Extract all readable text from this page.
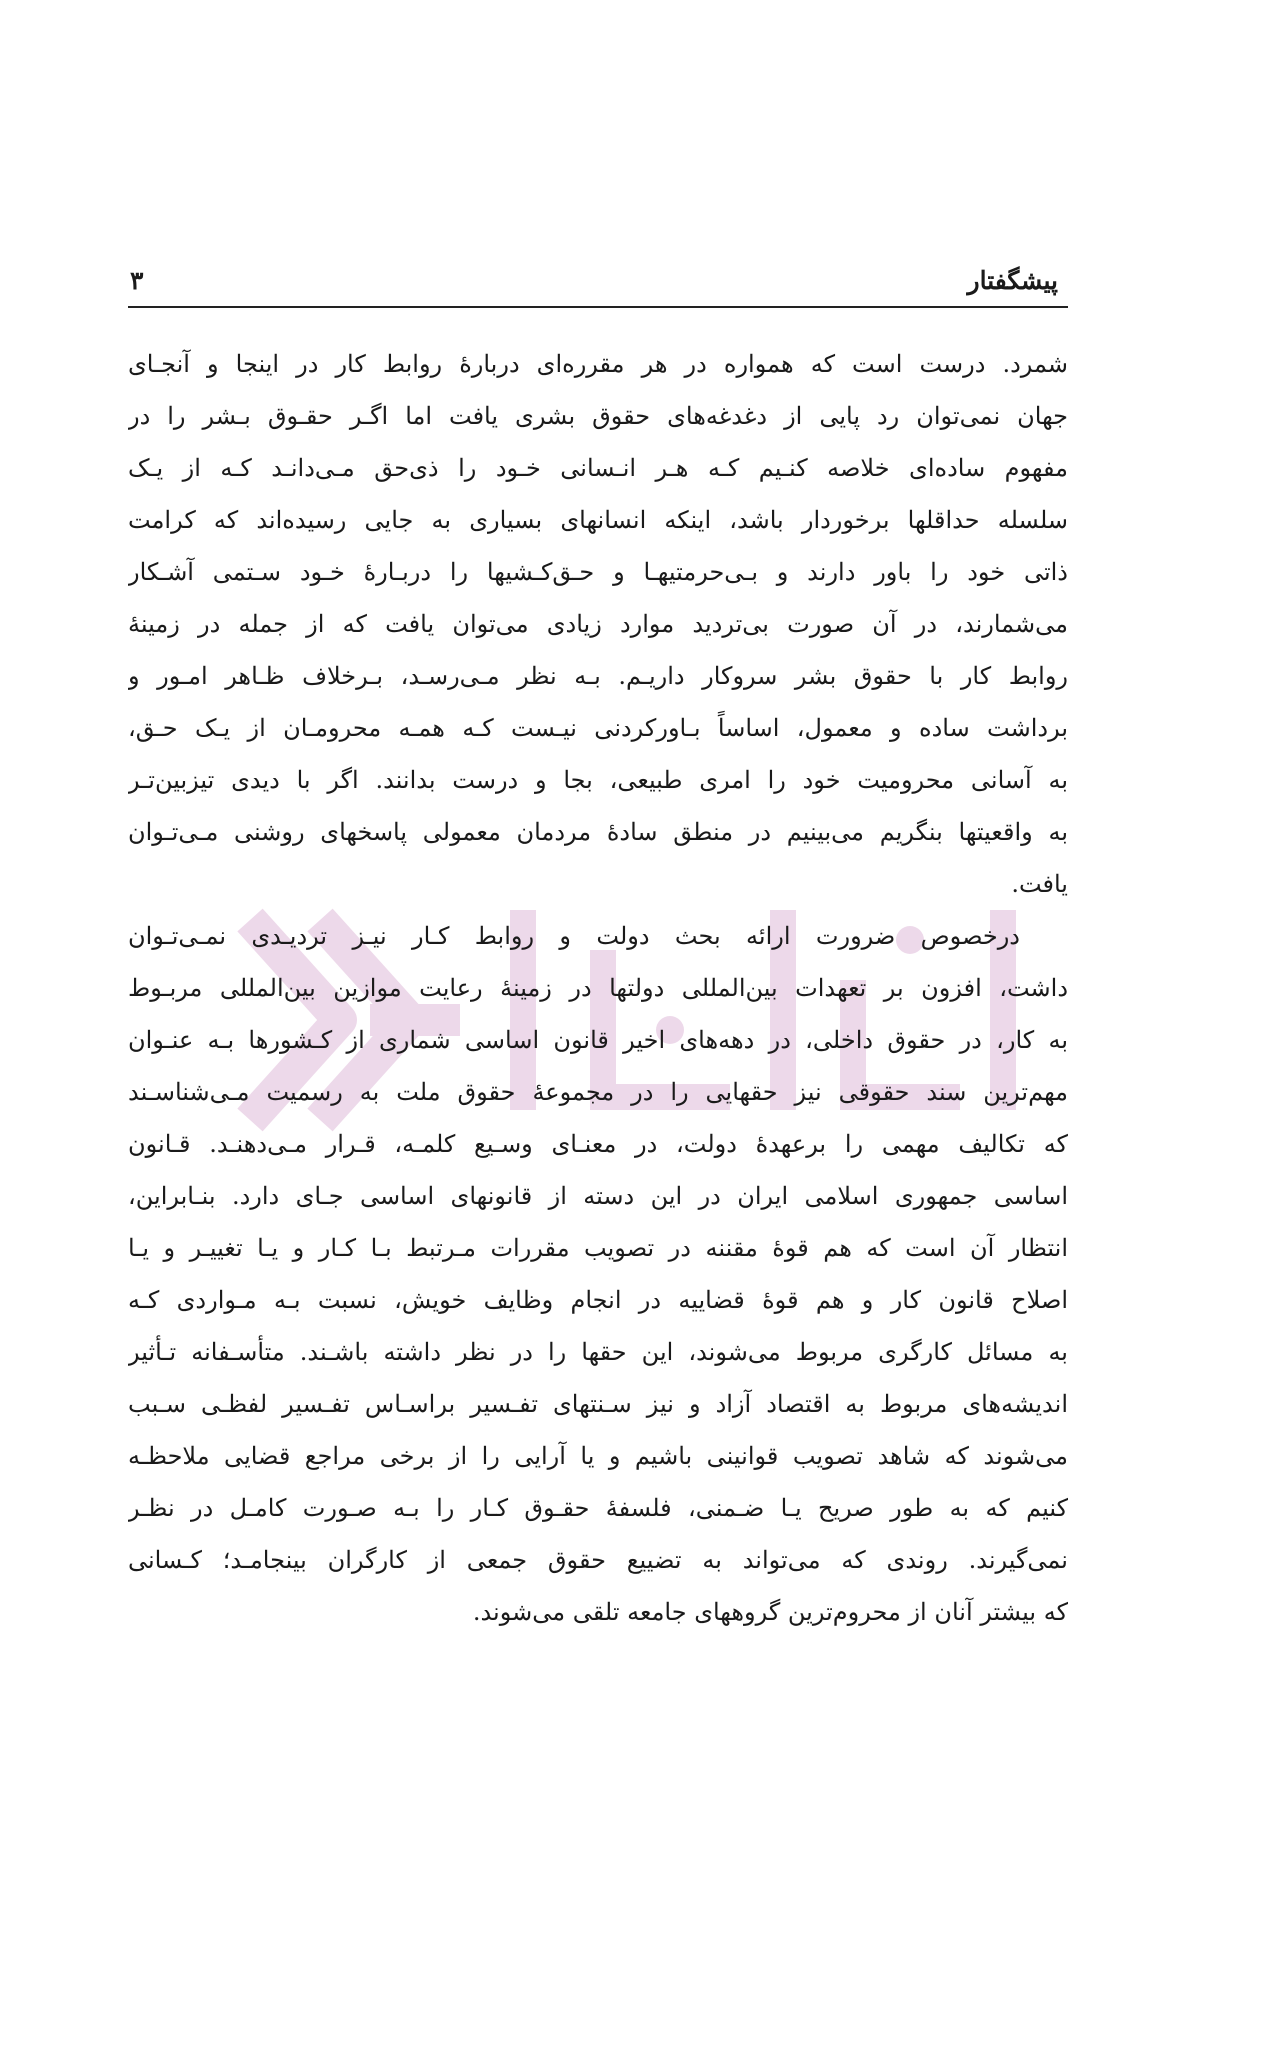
پیشگفتار
۳
شمرد. درست است که همواره در هر مقرره‌ای دربارهٔ روابط کار در اینجا و آنجـای
جهان نمی‌توان رد پایی از دغدغه‌های حقوق بشری یافت اما اگـر حقـوق بـشر را در
مفهوم ساده‌ای خلاصه کنـیم کـه هـر انـسانی خـود را ذی‌حق مـی‌دانـد کـه از یـک
سلسله حداقلها برخوردار باشد، اینکه انسانهای بسیاری به جایی رسیده‌اند که کرامت
ذاتی خود را باور دارند و بـی‌حرمتیهـا و حـق‌کـشیها را دربـارهٔ خـود سـتمی آشـکار
می‌شمارند، در آن صورت بی‌تردید موارد زیادی می‌توان یافت که از جمله در زمینهٔ
روابط کار با حقوق بشر سروکار داریـم. بـه نظر مـی‌رسـد، بـرخلاف ظـاهر امـور و
برداشت ساده و معمول، اساساً بـاورکردنی نیـست کـه همـه محرومـان از یـک حـق،
به آسانی محرومیت خود را امری طبیعی، بجا و درست بدانند. اگر با دیدی تیزبین‌تـر
به واقعیتها بنگریم می‌بینیم در منطق سادهٔ مردمان معمولی پاسخهای روشنی مـی‌تـوان
یافت.
درخصوص ضرورت ارائه بحث دولت و روابط کـار نیـز تردیـدی نمـی‌تـوان
داشت، افزون بر تعهدات بین‌المللی دولتها در زمینهٔ رعایت موازین بین‌المللی مربـوط
به کار، در حقوق داخلی، در دهه‌های اخیر قانون اساسی شماری از کـشورها بـه عنـوان
مهم‌ترین سند حقوقی نیز حقهایی را در مجموعهٔ حقوق ملت به رسمیت مـی‌شناسـند
که تکالیف مهمی را برعهدهٔ دولت، در معنـای وسـیع کلمـه، قـرار مـی‌دهنـد. قـانون
اساسی جمهوری اسلامی ایران در این دسته از قانونهای اساسی جـای دارد. بنـابراین،
انتظار آن است که هم قوهٔ مقننه در تصویب مقررات مـرتبط بـا کـار و یـا تغییـر و یـا
اصلاح قانون کار و هم قوهٔ قضاییه در انجام وظایف خویش، نسبت بـه مـواردی کـه
به مسائل کارگری مربوط می‌شوند، این حقها را در نظر داشته باشـند. متأسـفانه تـأثیر
اندیشه‌های مربوط به اقتصاد آزاد و نیز سـنتهای تفـسیر براسـاس تفـسیر لفظـی سـبب
می‌شوند که شاهد تصویب قوانینی باشیم و یا آرایی را از برخی مراجع قضایی ملاحظـه
کنیم که به طور صریح یـا ضـمنی، فلسفهٔ حقـوق کـار را بـه صـورت کامـل در نظـر
نمی‌گیرند. روندی که می‌تواند به تضییع حقوق جمعی از کارگران بینجامـد؛ کـسانی
که بیشتر آنان از محروم‌ترین گروههای جامعه تلقی می‌شوند.
